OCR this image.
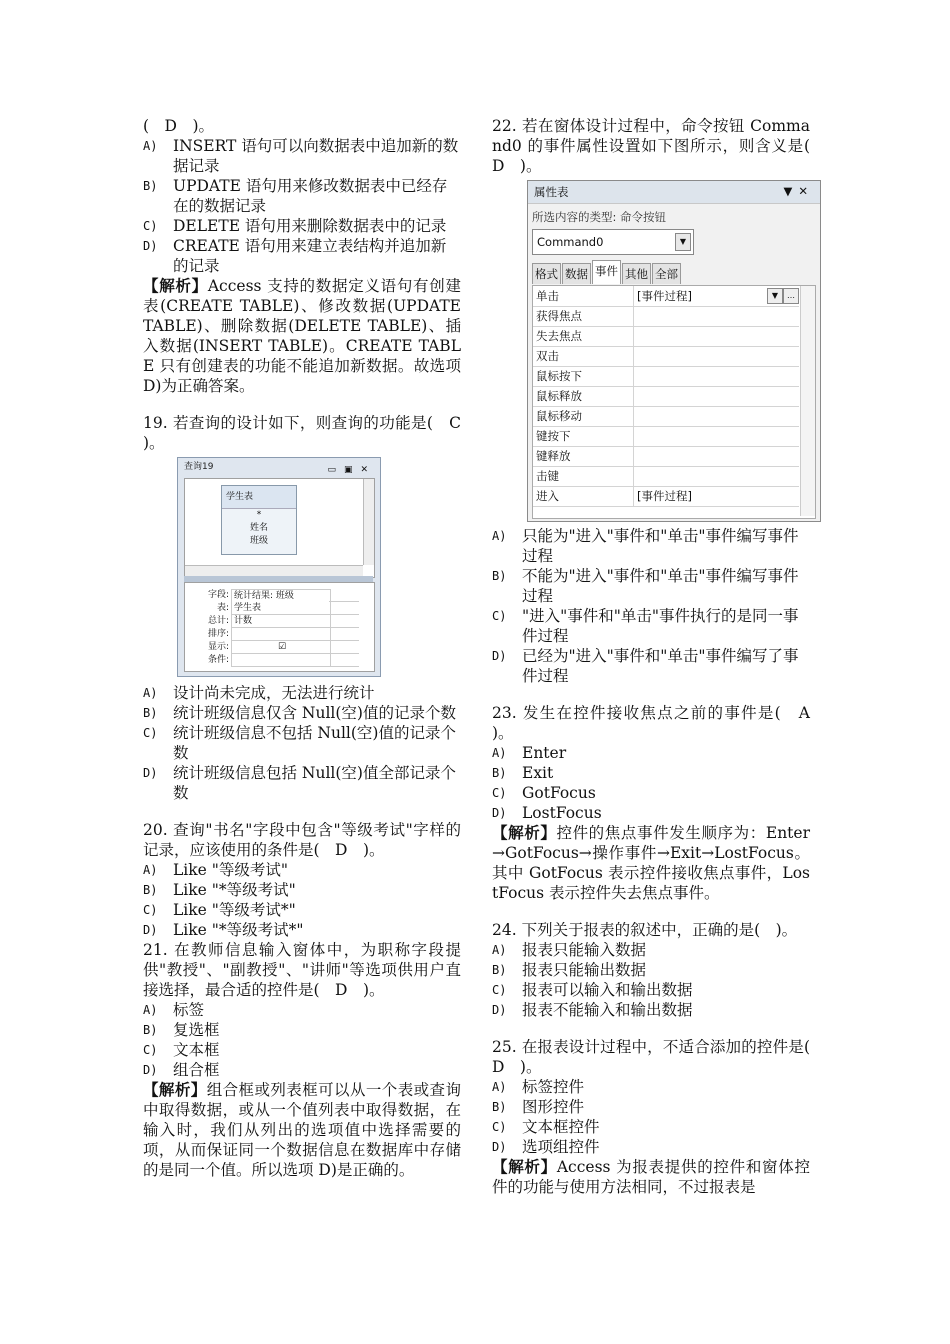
(　D　)。

A)	INSERT 语句可以向数据表中追加新的数据记录
B)	UPDATE 语句用来修改数据表中已经存在的数据记录
C)	DELETE 语句用来删除数据表中的记录
D)	CREATE 语句用来建立表结构并追加新的记录

【解析】Access 支持的数据定义语句有创建表(CREATE TABLE)、修改数据(UPDATE TABLE)、删除数据(DELETE TABLE)、插入数据(INSERT TABLE)。CREATE TABLE 只有创建表的功能不能追加新数据。故选项 D)为正确答案。

19. 若查询的设计如下，则查询的功能是(　C　)。

查询19	▭▣✕
学生表
*
姓名
班级
字段: 统计结果: 班级
表: 学生表
总计: 计数
排序:
显示:	☑
条件:
A)	设计尚未完成，无法进行统计
B)	统计班级信息仅含 Null(空)值的记录个数
C)	统计班级信息不包括 Null(空)值的记录个数
D)	统计班级信息包括 Null(空)值全部记录个数

20. 查询"书名"字段中包含"等级考试"字样的记录，应该使用的条件是(　D　)。

A)	Like "等级考试"
B)	Like "*等级考试"
C)	Like "等级考试*"
D)	Like "*等级考试*"

21. 在教师信息输入窗体中，为职称字段提供"教授"、"副教授"、"讲师"等选项供用户直接选择，最合适的控件是(　D　)。

A)	标签
B)	复选框
C)	文本框
D)	组合框

【解析】组合框或列表框可以从一个表或查询中取得数据，或从一个值列表中取得数据，在输入时，我们从列出的选项值中选择需要的项，从而保证同一个数据信息在数据库中存储的是同一个值。所以选项 D)是正确的。

22. 若在窗体设计过程中，命令按钮 Command0 的事件属性设置如下图所示，则含义是(　D　)。

属性表	▼✕
所选内容的类型: 命令按钮
Command0	▼
格式 数据 事件 其他 全部
单击	[事件过程]	▼	…
获得焦点
失去焦点
双击
鼠标按下
鼠标释放
鼠标移动
键按下
键释放
击键
进入	[事件过程]
A)	只能为"进入"事件和"单击"事件编写事件过程
B)	不能为"进入"事件和"单击"事件编写事件过程
C)	"进入"事件和"单击"事件执行的是同一事件过程
D)	已经为"进入"事件和"单击"事件编写了事件过程

23. 发生在控件接收焦点之前的事件是(　A　)。

A)	Enter
B)	Exit
C)	GotFocus
D)	LostFocus

【解析】控件的焦点事件发生顺序为：Enter→GotFocus→操作事件→Exit→LostFocus。其中 GotFocus 表示控件接收焦点事件，LostFocus 表示控件失去焦点事件。

24. 下列关于报表的叙述中，正确的是(　)。

A)	报表只能输入数据
B)	报表只能输出数据
C)	报表可以输入和输出数据
D)	报表不能输入和输出数据

25. 在报表设计过程中，不适合添加的控件是(　D　)。

A)	标签控件
B)	图形控件
C)	文本框控件
D)	选项组控件

【解析】Access 为报表提供的控件和窗体控件的功能与使用方法相同，不过报表是
